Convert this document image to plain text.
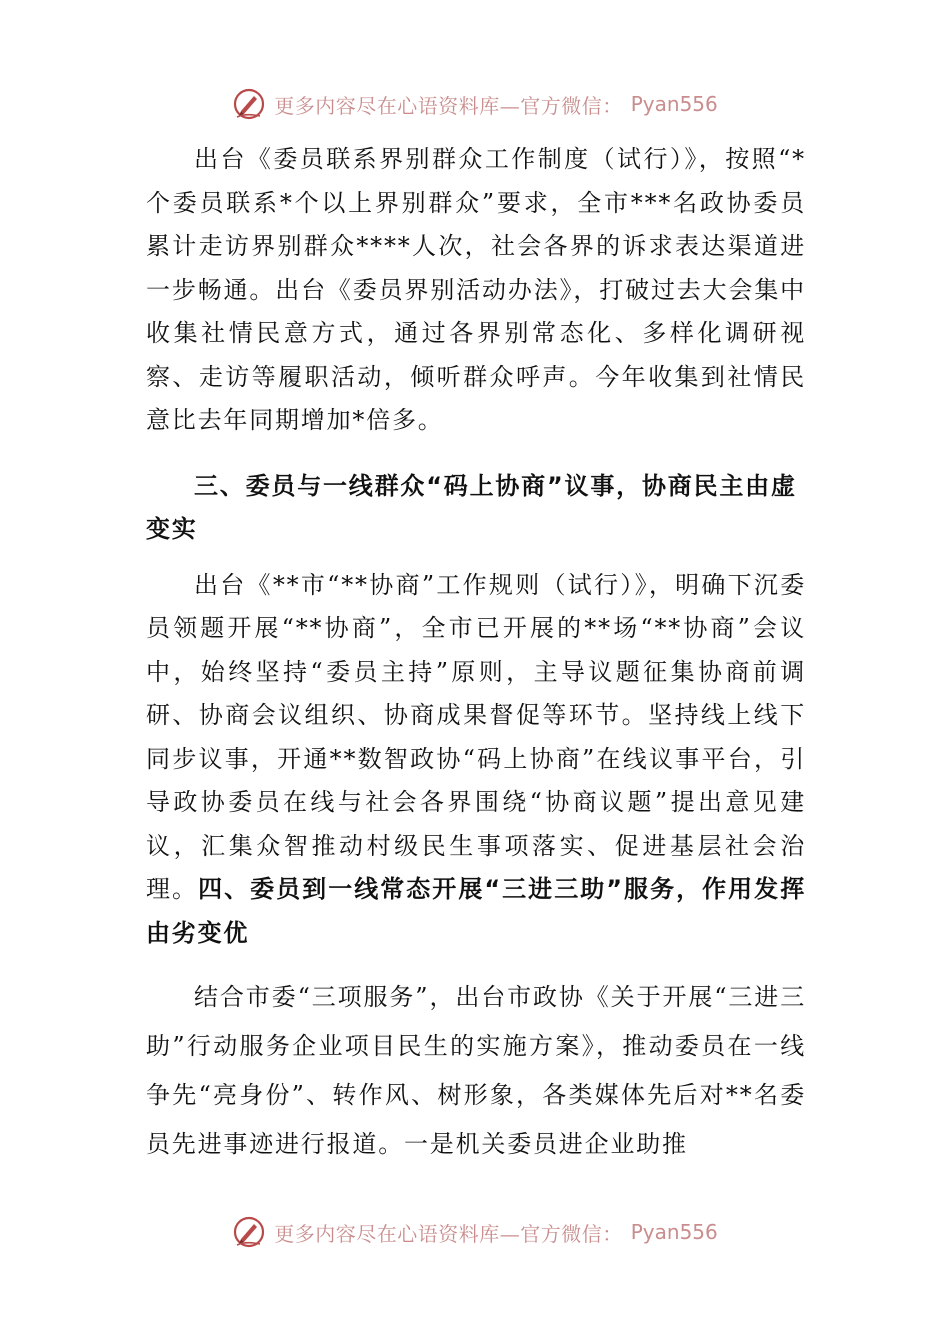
更多内容尽在心语资料库—官方微信： Pyan556

出台《委员联系界别群众工作制度（试行）》，按照“*个委员联系*个以上界别群众”要求，全市***名政协委员累计走访界别群众****人次，社会各界的诉求表达渠道进一步畅通。出台《委员界别活动办法》，打破过去大会集中收集社情民意方式，通过各界别常态化、多样化调研视察、走访等履职活动，倾听群众呼声。今年收集到社情民意比去年同期增加*倍多。

三、委员与一线群众“码上协商”议事，协商民主由虚变实

出台《**市“**协商”工作规则（试行）》，明确下沉委员领题开展“**协商”，全市已开展的**场“**协商”会议中，始终坚持“委员主持”原则，主导议题征集协商前调研、协商会议组织、协商成果督促等环节。坚持线上线下同步议事，开通**数智政协“码上协商”在线议事平台，引导政协委员在线与社会各界围绕“协商议题”提出意见建议，汇集众智推动村级民生事项落实、促进基层社会治理。四、委员到一线常态开展“三进三助”服务，作用发挥由劣变优

结合市委“三项服务”，出台市政协《关于开展“三进三助”行动服务企业项目民生的实施方案》，推动委员在一线争先“亮身份”、转作风、树形象，各类媒体先后对**名委员先进事迹进行报道。一是机关委员进企业助推

更多内容尽在心语资料库—官方微信： Pyan556
